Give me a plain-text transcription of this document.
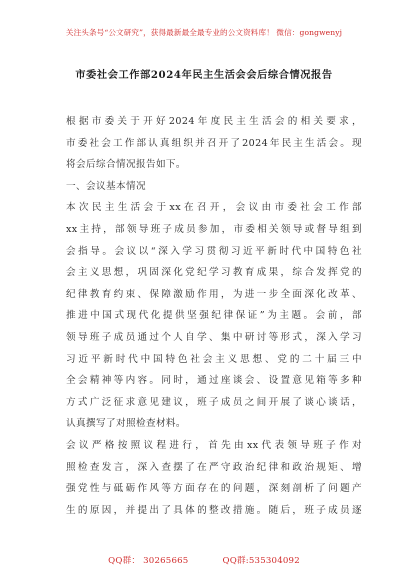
关注头条号“公文研究”，获得最新最全最专业的公文资料库！ 微信：gongwenyj
市委社会工作部2024年民主生活会会后综合情况报告
根据市委关于开好2024年度民主生活会的相关要求，
市委社会工作部认真组织并召开了2024年民主生活会。现
将会后综合情况报告如下。
一、会议基本情况
本次民主生活会于xx在召开，会议由市委社会工作部
xx主持，部领导班子成员参加，市委相关领导或督导组到
会指导。会议以“深入学习贯彻习近平新时代中国特色社
会主义思想，巩固深化党纪学习教育成果，综合发挥党的
纪律教育约束、保障激励作用，为进一步全面深化改革、
推进中国式现代化提供坚强纪律保证”为主题。会前，部
领导班子成员通过个人自学、集中研讨等形式，深入学习
习近平新时代中国特色社会主义思想、党的二十届三中
全会精神等内容。同时，通过座谈会、设置意见箱等多种
方式广泛征求意见建议，班子成员之间开展了谈心谈话，
认真撰写了对照检查材料。
会议严格按照议程进行，首先由xx代表领导班子作对
照检查发言，深入查摆了在严守政治纪律和政治规矩、增
强党性与砥砺作风等方面存在的问题，深刻剖析了问题产
生的原因，并提出了具体的整改措施。随后，班子成员逐
QQ群： 30265665	QQ群:535304092
